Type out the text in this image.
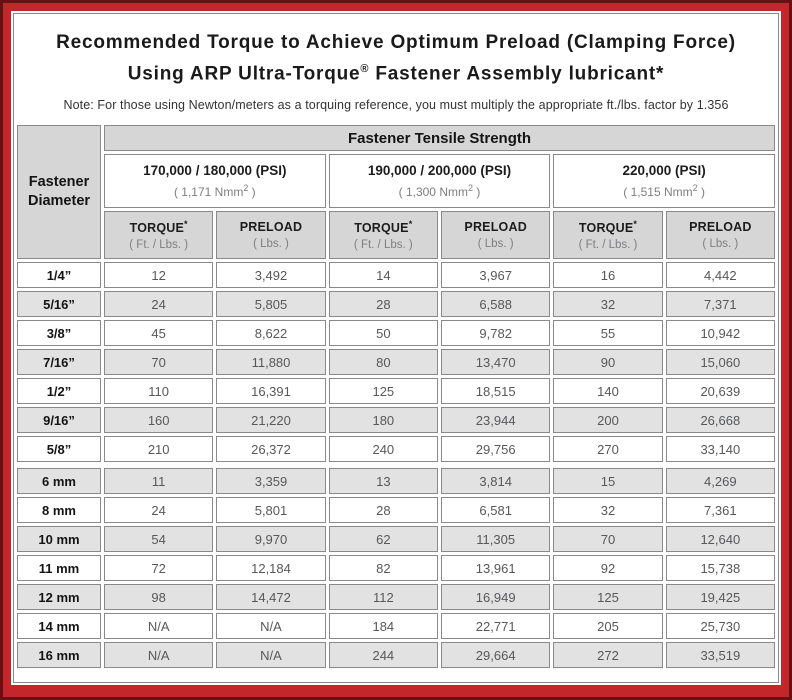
Recommended Torque to Achieve Optimum Preload (Clamping Force)
Using ARP Ultra-Torque® Fastener Assembly lubricant*
Note: For those using Newton/meters as a torquing reference, you must multiply the appropriate ft./lbs. factor by 1.356
Fastener
Diameter
Fastener Tensile Strength
170,000 / 180,000 (PSI)
( 1,171 Nmm$^2$ )
190,000 / 200,000 (PSI)
( 1,300 Nmm$^2$ )
220,000 (PSI)
( 1,515 Nmm$^2$ )
TORQUE*
( Ft. / Lbs. )
PRELOAD
( Lbs. )
TORQUE*
( Ft. / Lbs. )
PRELOAD
( Lbs. )
TORQUE*
( Ft. / Lbs. )
PRELOAD
( Lbs. )
1/4”	12	3,492	14	3,967	16	4,442
5/16”	24	5,805	28	6,588	32	7,371
3/8”	45	8,622	50	9,782	55	10,942
7/16”	70	11,880	80	13,470	90	15,060
1/2”	110	16,391	125	18,515	140	20,639
9/16”	160	21,220	180	23,944	200	26,668
5/8”	210	26,372	240	29,756	270	33,140
6 mm	11	3,359	13	3,814	15	4,269
8 mm	24	5,801	28	6,581	32	7,361
10 mm	54	9,970	62	11,305	70	12,640
11 mm	72	12,184	82	13,961	92	15,738
12 mm	98	14,472	112	16,949	125	19,425
14 mm	N/A	N/A	184	22,771	205	25,730
16 mm	N/A	N/A	244	29,664	272	33,519
